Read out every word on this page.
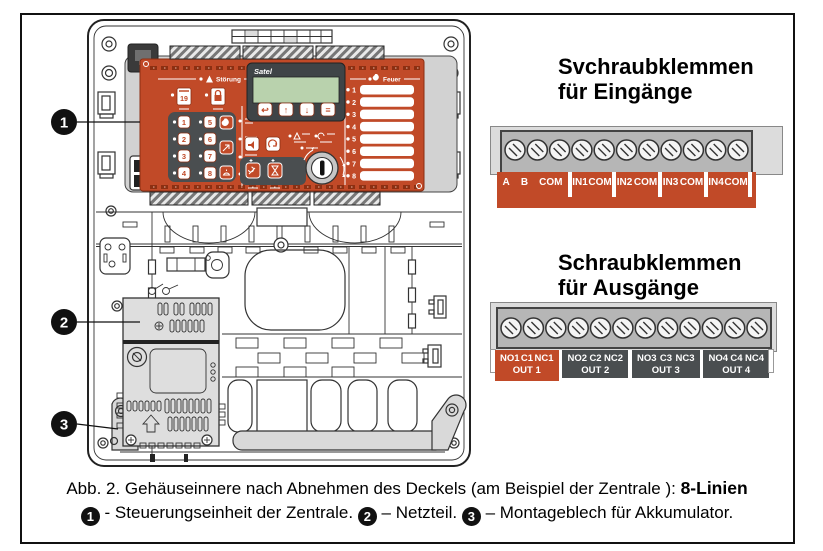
Störung
19
1
2
3
4
5
6
7
8
Satel
↩ ↑ ↓ ≡
Feuer
1
2
3
4
5
6
7
8
1
2
3
Svchraubklemmen
für Eingänge
A B COM IN1 COM IN2 COM IN3 COM IN4 COM
Schraubklemmen
für Ausgänge
NO1 C1 NC1
OUT 1
NO2 C2 NC2
OUT 2
NO3 C3 NC3
OUT 3
NO4 C4 NC4
OUT 4
Abb. 2. Gehäuseinnere nach Abnehmen des Deckels (am Beispiel der Zentrale ): 8-Linien
1 - Steuerungseinheit der Zentrale. 2 – Netzteil. 3 – Montageblech für Akkumulator.
